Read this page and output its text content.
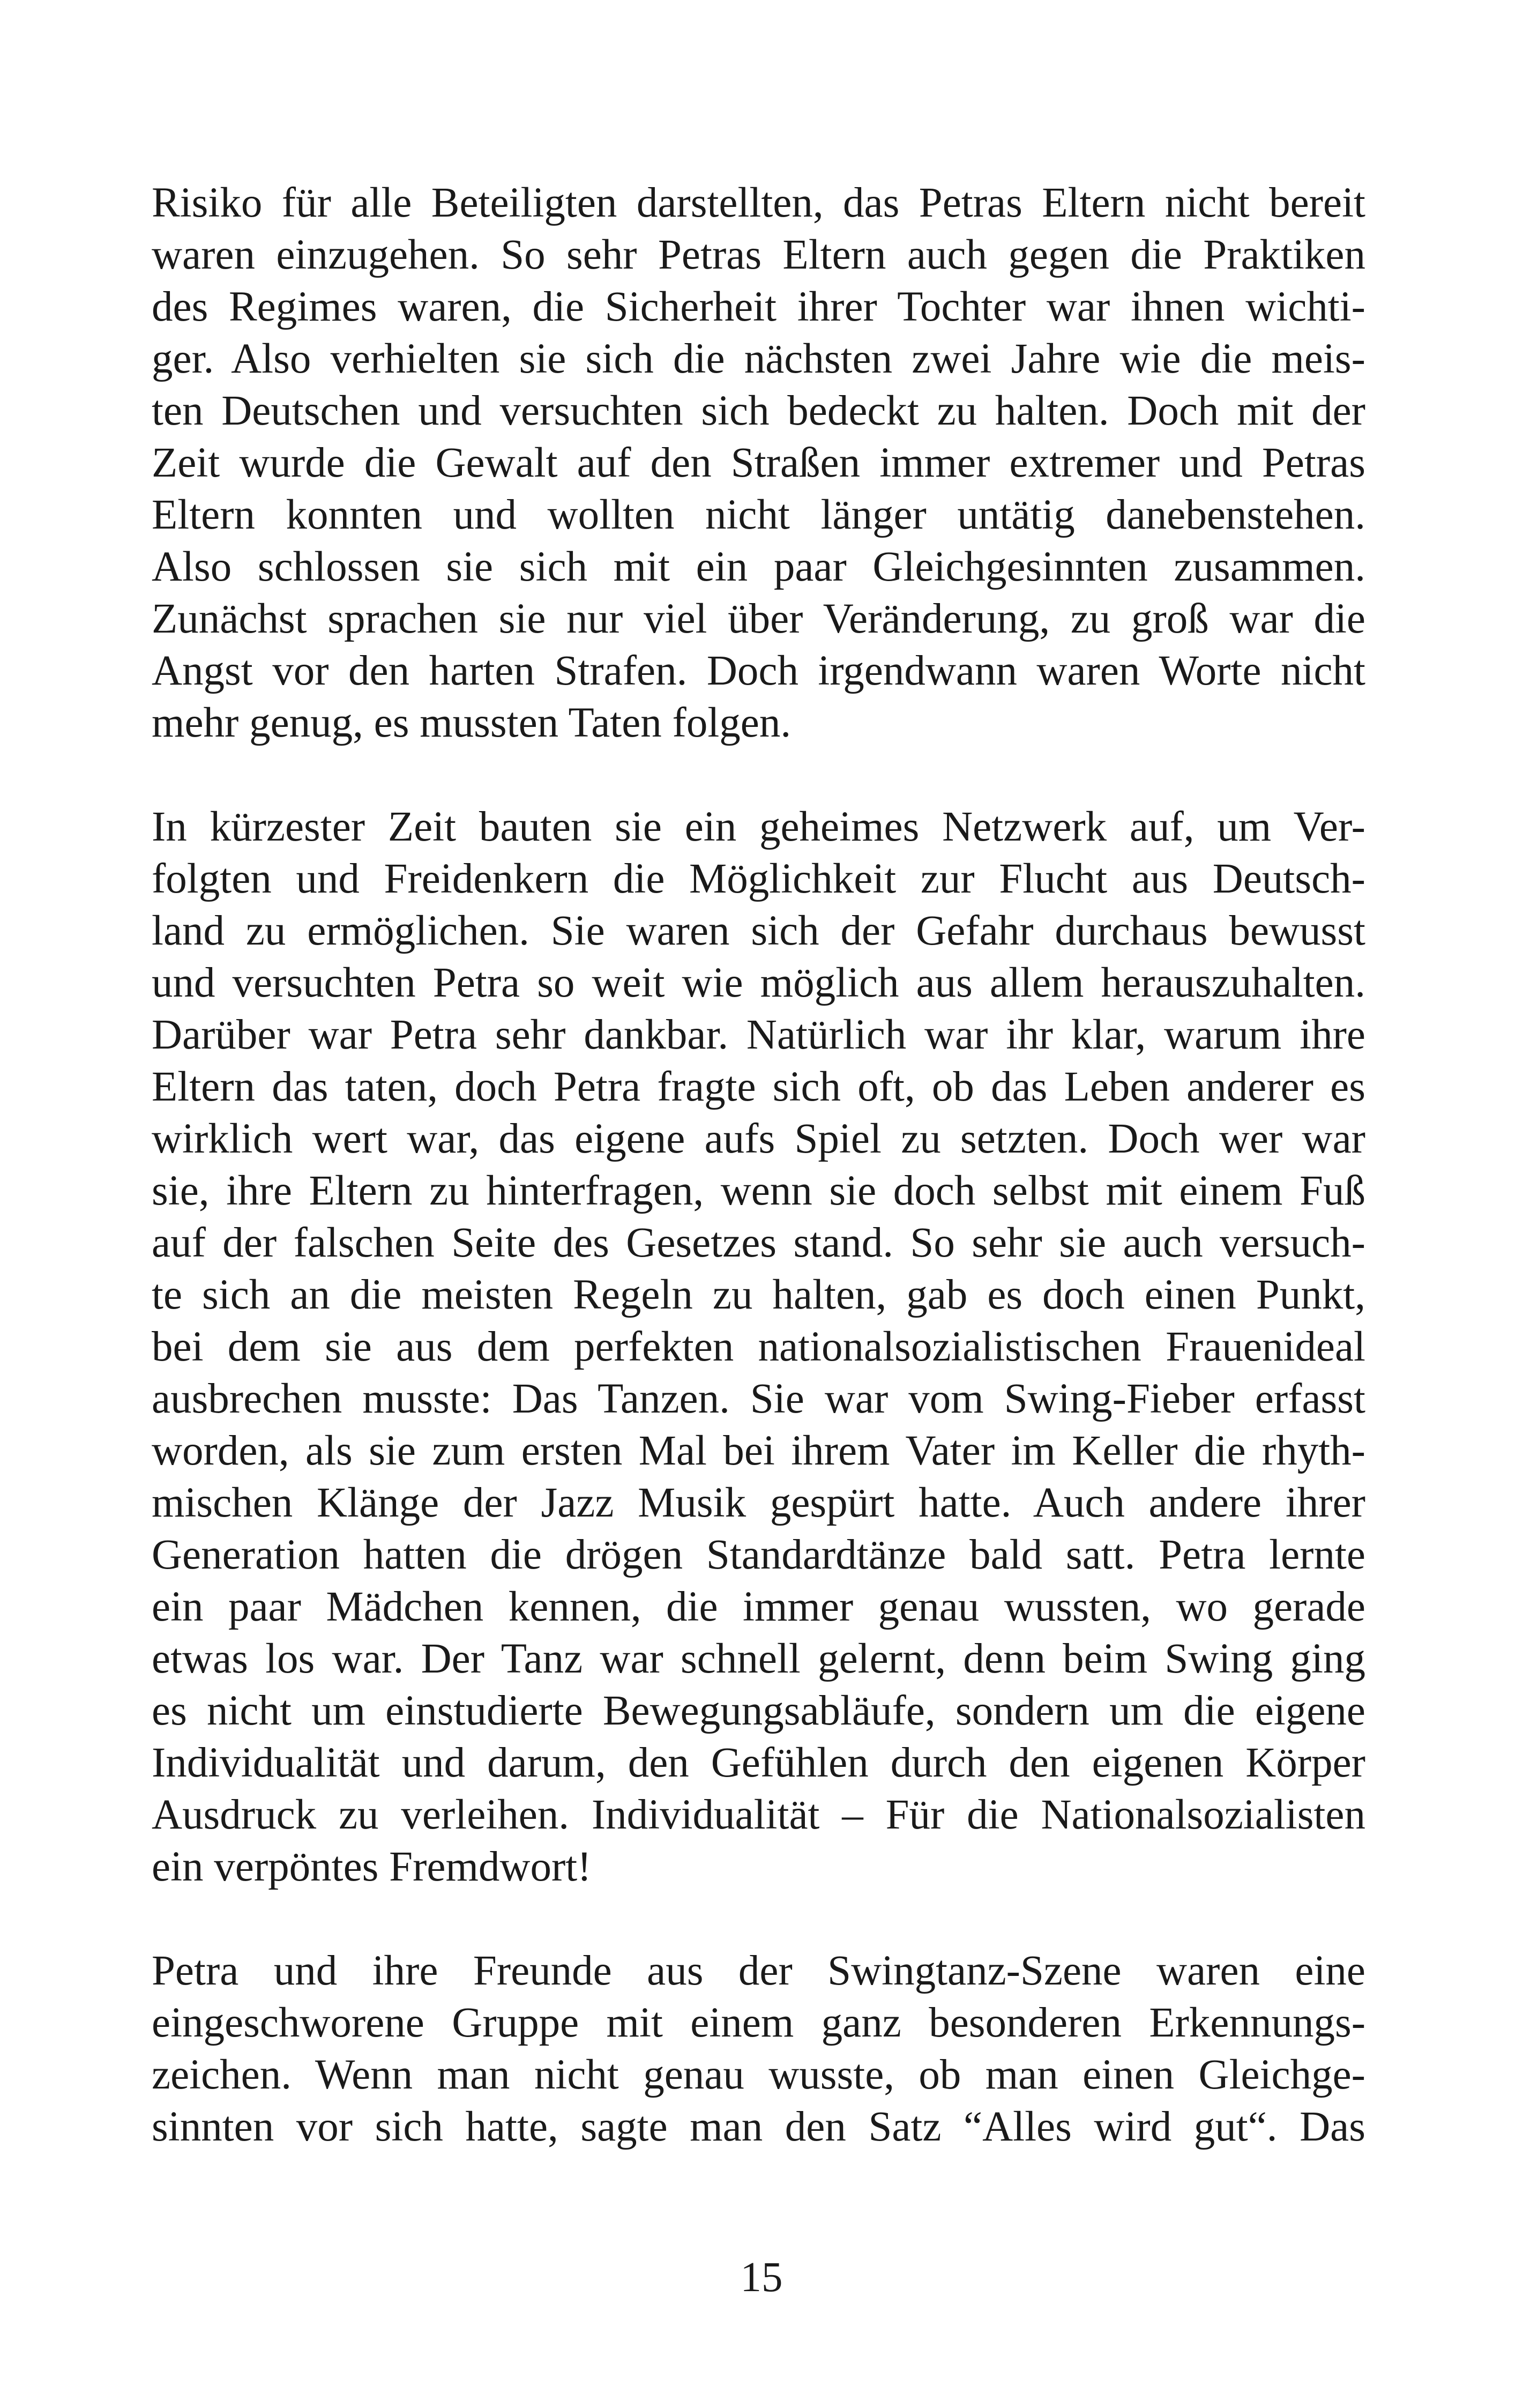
Risiko für alle Beteiligten darstellten, das Petras Eltern nicht bereit
waren einzugehen. So sehr Petras Eltern auch gegen die Praktiken
des Regimes waren, die Sicherheit ihrer Tochter war ihnen wichti-
ger. Also verhielten sie sich die nächsten zwei Jahre wie die meis-
ten Deutschen und versuchten sich bedeckt zu halten. Doch mit der
Zeit wurde die Gewalt auf den Straßen immer extremer und Petras
Eltern konnten und wollten nicht länger untätig danebenstehen.
Also schlossen sie sich mit ein paar Gleichgesinnten zusammen.
Zunächst sprachen sie nur viel über Veränderung, zu groß war die
Angst vor den harten Strafen. Doch irgendwann waren Worte nicht
mehr genug, es mussten Taten folgen.
In kürzester Zeit bauten sie ein geheimes Netzwerk auf, um Ver-
folgten und Freidenkern die Möglichkeit zur Flucht aus Deutsch-
land zu ermöglichen. Sie waren sich der Gefahr durchaus bewusst
und versuchten Petra so weit wie möglich aus allem herauszuhalten.
Darüber war Petra sehr dankbar. Natürlich war ihr klar, warum ihre
Eltern das taten, doch Petra fragte sich oft, ob das Leben anderer es
wirklich wert war, das eigene aufs Spiel zu setzten. Doch wer war
sie, ihre Eltern zu hinterfragen, wenn sie doch selbst mit einem Fuß
auf der falschen Seite des Gesetzes stand. So sehr sie auch versuch-
te sich an die meisten Regeln zu halten, gab es doch einen Punkt,
bei dem sie aus dem perfekten nationalsozialistischen Frauenideal
ausbrechen musste: Das Tanzen. Sie war vom Swing-Fieber erfasst
worden, als sie zum ersten Mal bei ihrem Vater im Keller die rhyth-
mischen Klänge der Jazz Musik gespürt hatte. Auch andere ihrer
Generation hatten die drögen Standardtänze bald satt. Petra lernte
ein paar Mädchen kennen, die immer genau wussten, wo gerade
etwas los war. Der Tanz war schnell gelernt, denn beim Swing ging
es nicht um einstudierte Bewegungsabläufe, sondern um die eigene
Individualität und darum, den Gefühlen durch den eigenen Körper
Ausdruck zu verleihen. Individualität – Für die Nationalsozialisten
ein verpöntes Fremdwort!
Petra und ihre Freunde aus der Swingtanz-Szene waren eine
eingeschworene Gruppe mit einem ganz besonderen Erkennungs-
zeichen. Wenn man nicht genau wusste, ob man einen Gleichge-
sinnten vor sich hatte, sagte man den Satz “Alles wird gut“. Das
15
